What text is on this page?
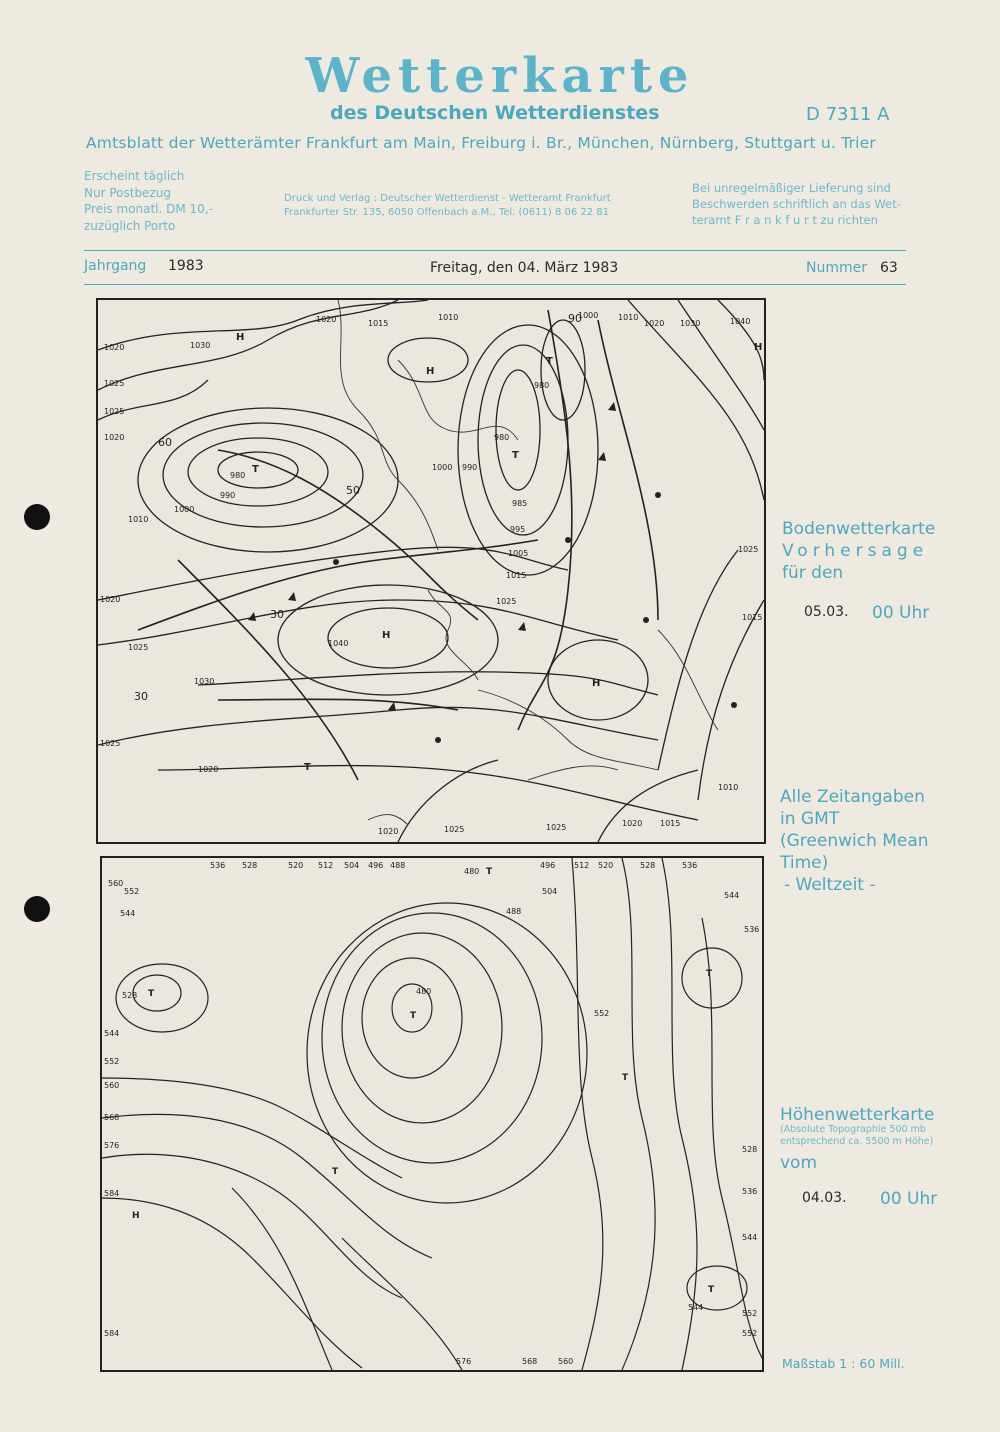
Wetterkarte
des Deutschen Wetterdienstes	D 7311 A
Amtsblatt der Wetterämter Frankfurt am Main, Freiburg i. Br., München, Nürnberg, Stuttgart u. Trier
Erscheint täglich
Nur Postbezug
Preis monatl. DM 10,-
zuzüglich Porto
Druck und Verlag : Deutscher Wetterdienst - Wetteramt Frankfurt
Frankfurter Str. 135, 6050 Offenbach a.M., Tel. (0611) 8 06 22 81
Bei unregelmäßiger Lieferung sind
Beschwerden schriftlich an das Wet-
teramt F r a n k f u r t zu richten
Jahrgang 1983	Freitag, den 04. März 1983	Nummer 63
1020	1015
1010	1000 1010
1020 1030	1040
1020
1025
1025
1020
1030
980
990
1000
1010
1000 990
980
980
985
995
1005
1015
1025
1020
1025	1040
1030
1025
1020
1020	1025	1025	1020 1015
1010
1015
1025
H
H
H
H
H
T
T
T
T
90
60
50
30
30
Bodenwetterkarte
Vorhersage
für den
05.03. 00 Uhr
Alle Zeitangaben
in GMT
(Greenwich Mean
Time)
- Weltzeit -
536 528	520 512 504 496 488
480
496 512 520	528	536
560
552
544
528
544
552
560
568
576
584
584
480
504
488
552
544
536
528
536
544
552
560
568
576
544
552
H
T
T
T
T
T
T
T
Höhenwetterkarte
(Absolute Topographie 500 mb
entsprechend ca. 5500 m Höhe)
vom
04.03. 00 Uhr
Maßstab 1 : 60 Mill.
